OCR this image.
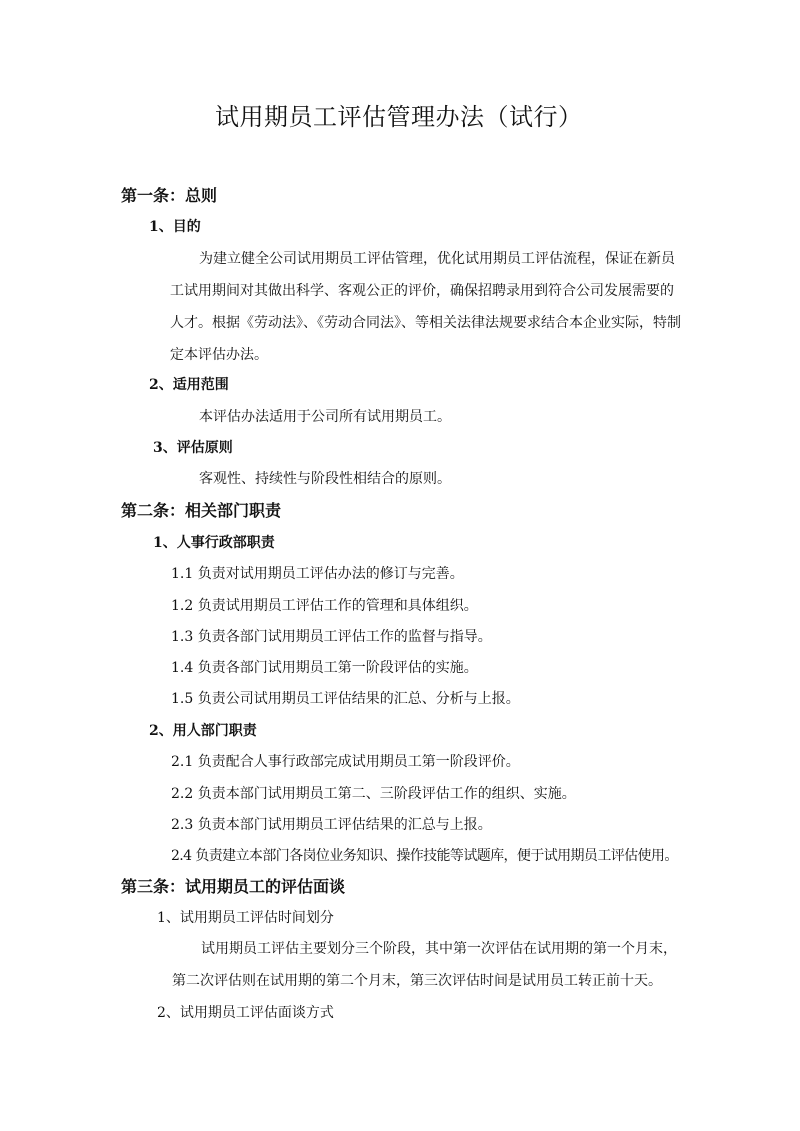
试用期员工评估管理办法（试行）
第一条：总则
1、目的
为建立健全公司试用期员工评估管理，优化试用期员工评估流程，保证在新员
工试用期间对其做出科学、客观公正的评价，确保招聘录用到符合公司发展需要的
人才。根据《劳动法》、《劳动合同法》、等相关法律法规要求结合本企业实际，特制
定本评估办法。
2、适用范围
本评估办法适用于公司所有试用期员工。
3、评估原则
客观性、持续性与阶段性相结合的原则。
第二条：相关部门职责
1、人事行政部职责
1.1 负责对试用期员工评估办法的修订与完善。
1.2 负责试用期员工评估工作的管理和具体组织。
1.3 负责各部门试用期员工评估工作的监督与指导。
1.4 负责各部门试用期员工第一阶段评估的实施。
1.5 负责公司试用期员工评估结果的汇总、分析与上报。
2、用人部门职责
2.1 负责配合人事行政部完成试用期员工第一阶段评价。
2.2 负责本部门试用期员工第二、三阶段评估工作的组织、实施。
2.3 负责本部门试用期员工评估结果的汇总与上报。
2.4 负责建立本部门各岗位业务知识、操作技能等试题库，便于试用期员工评估使用。
第三条：试用期员工的评估面谈
1、试用期员工评估时间划分
试用期员工评估主要划分三个阶段，其中第一次评估在试用期的第一个月末，
第二次评估则在试用期的第二个月末，第三次评估时间是试用员工转正前十天。
2、试用期员工评估面谈方式
